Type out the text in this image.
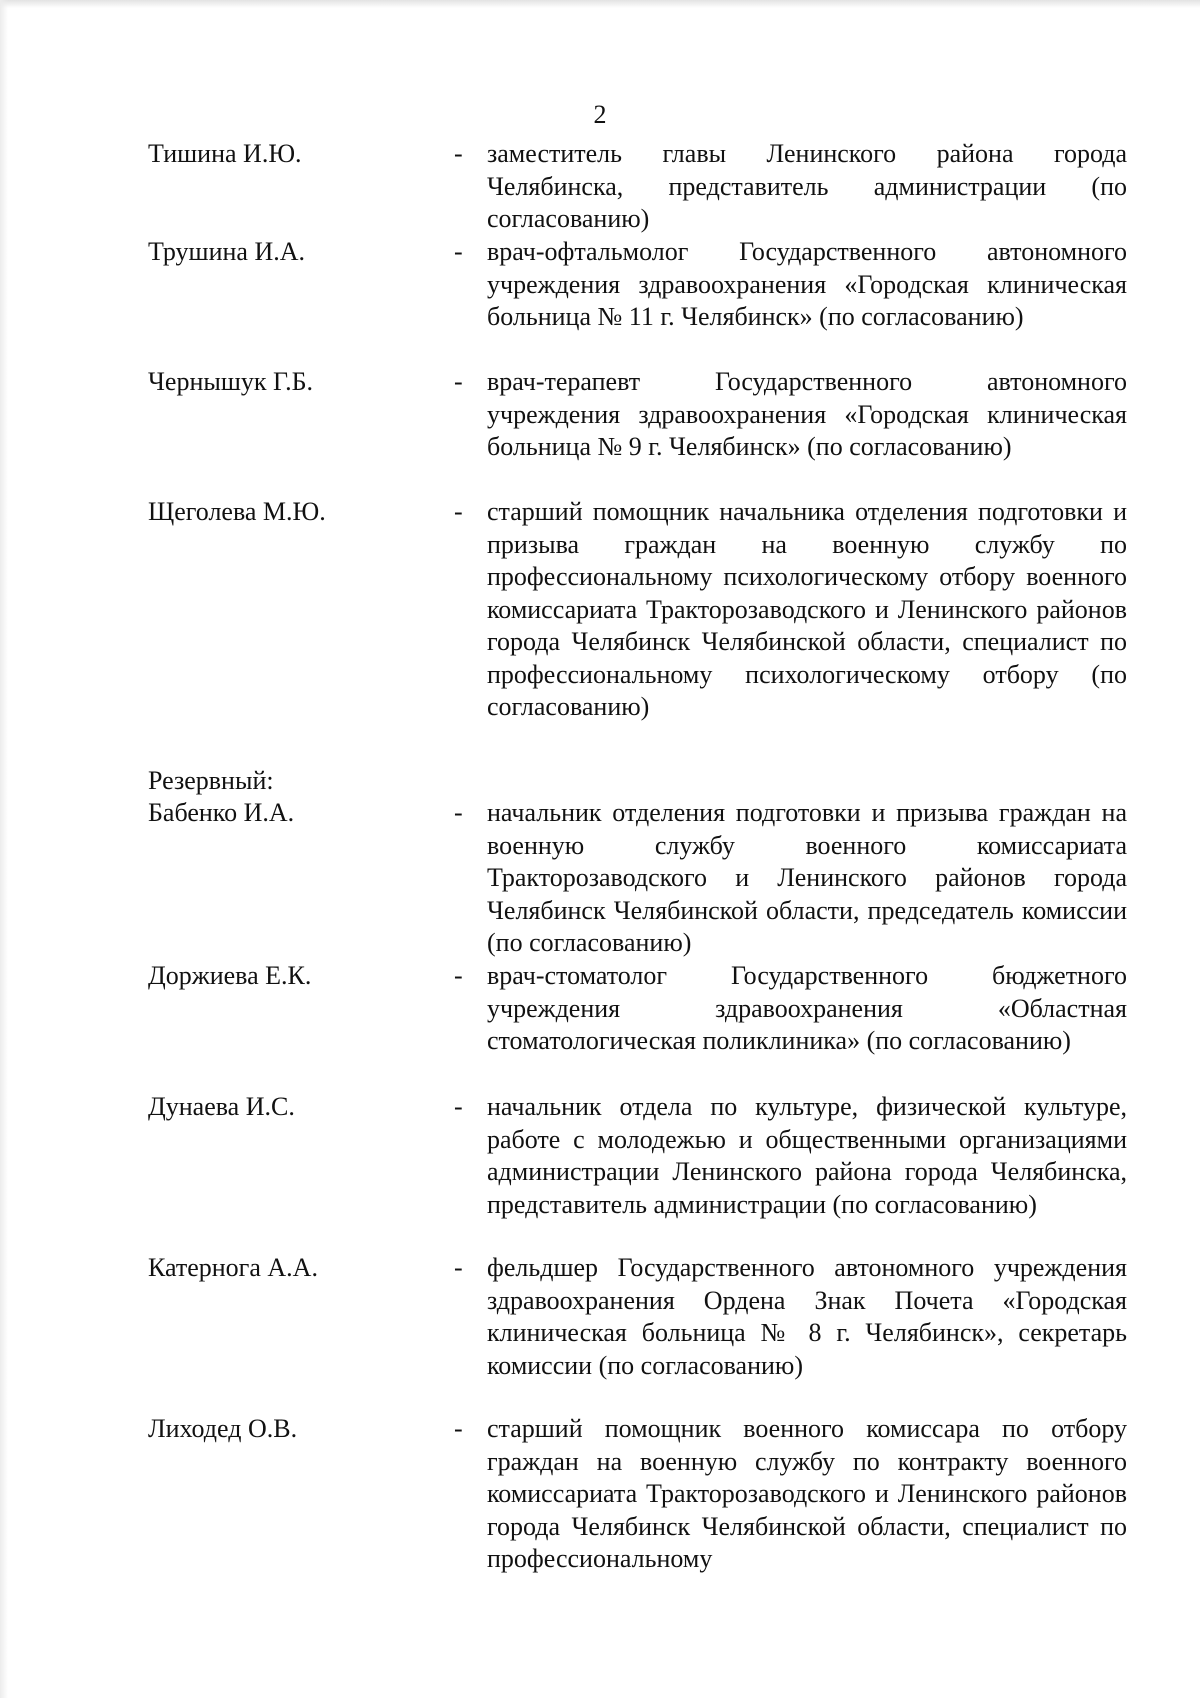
2
Тишина И.Ю.	- заместитель главы Ленинского района города Челябинска, представитель администрации (по согласованию)
Трушина И.А.	- врач-офтальмолог Государственного автономного учреждения здравоохранения «Городская клиническая больница № 11 г. Челябинск» (по согласованию)
Чернышук Г.Б.	- врач-терапевт Государственного автономного учреждения здравоохранения «Городская клиническая больница № 9 г. Челябинск» (по согласованию)
Щеголева М.Ю.	- старший помощник начальника отделения подготовки и призыва граждан на военную службу по профессиональному психологическому отбору военного комиссариата Тракторозаводского и Ленинского районов города Челябинск Челябинской области, специалист по профессиональному психологическому отбору (по согласованию)
Резервный:
Бабенко И.А.	- начальник отделения подготовки и призыва граждан на военную службу военного комиссариата Тракторозаводского и Ленинского районов города Челябинск Челябинской области, председатель комиссии (по согласованию)
Доржиева Е.К.	- врач-стоматолог Государственного бюджетного учреждения здравоохранения «Областная стоматологическая поликлиника» (по согласованию)
Дунаева И.С.	- начальник отдела по культуре, физической культуре, работе с молодежью и общественными организациями администрации Ленинского района города Челябинска, представитель администрации (по согласованию)
Катернога А.А.	- фельдшер Государственного автономного учреждения здравоохранения Ордена Знак Почета «Городская клиническая больница № 8 г. Челябинск», секретарь комиссии (по согласованию)
Лиходед О.В.	- старший помощник военного комиссара по отбору граждан на военную службу по контракту военного комиссариата Тракторозаводского и Ленинского районов города Челябинск Челябинской области, специалист по профессиональному
